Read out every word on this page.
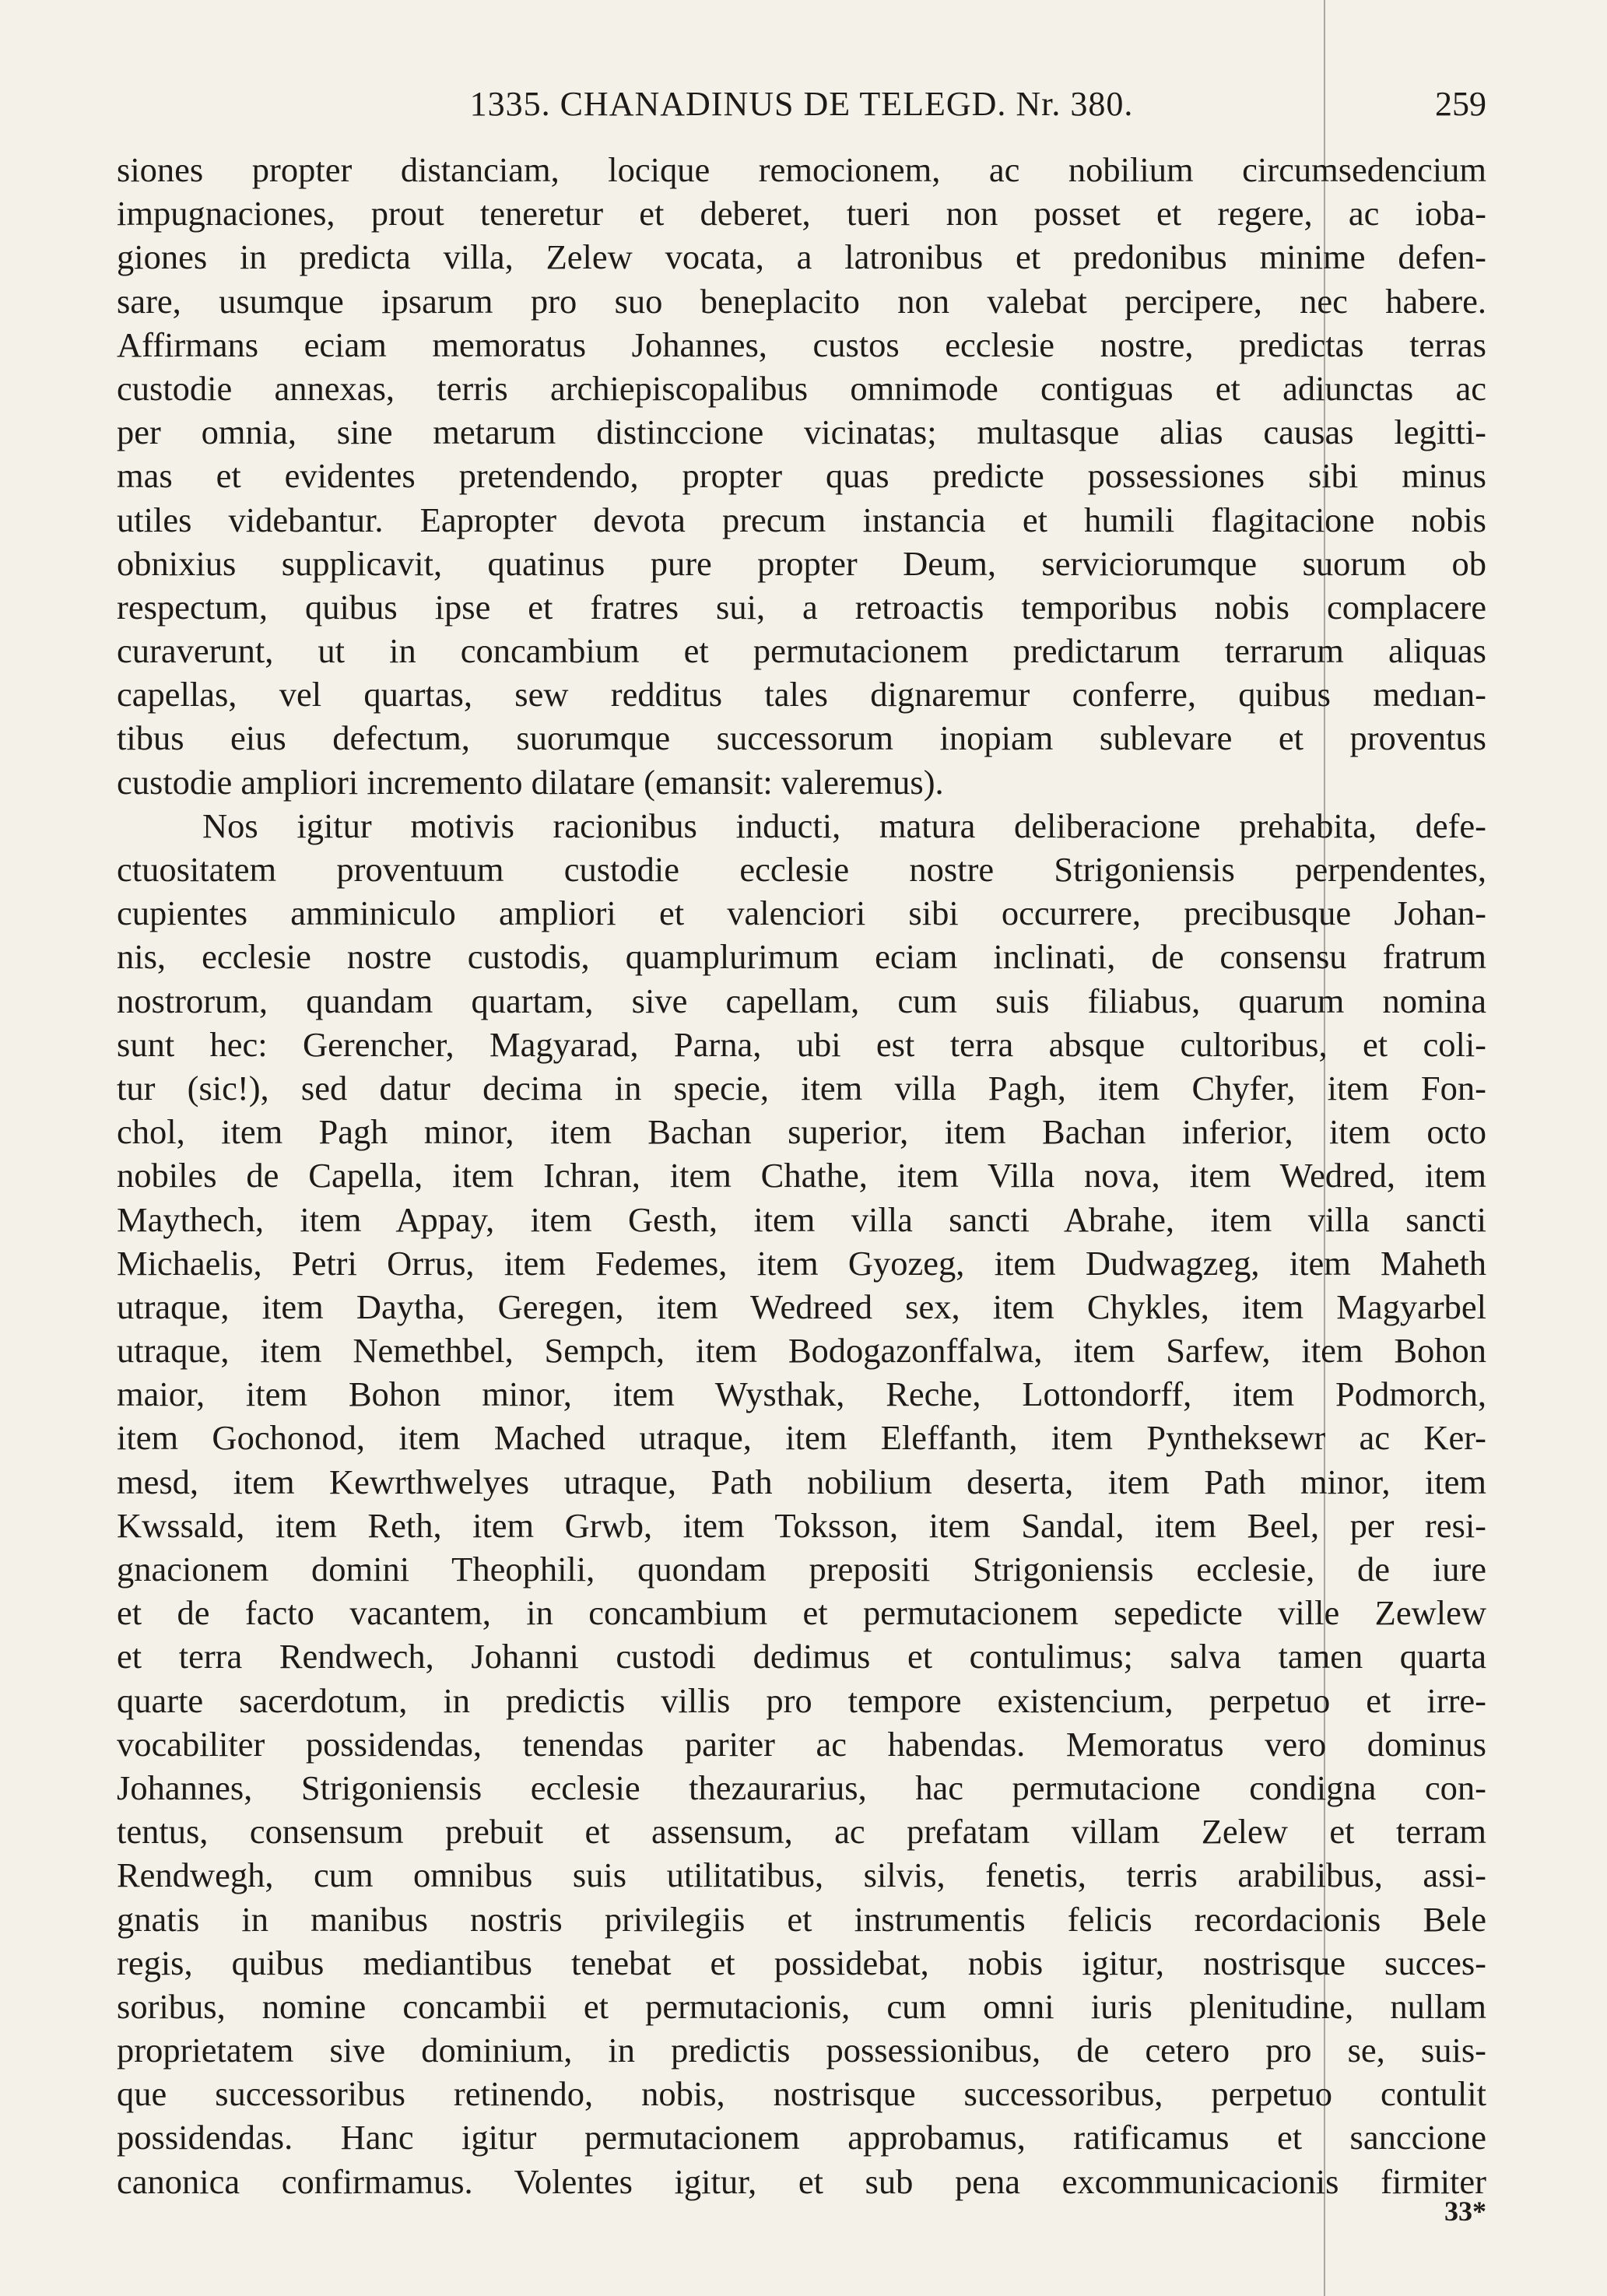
1335. CHANADINUS DE TELEGD. Nr. 380.	259
siones propter distanciam, locique remocionem, ac nobilium circumsedencium
impugnaciones, prout teneretur et deberet, tueri non posset et regere, ac ioba-
giones in predicta villa, Zelew vocata, a latronibus et predonibus minime defen-
sare, usumque ipsarum pro suo beneplacito non valebat percipere, nec habere.
Affirmans eciam memoratus Johannes, custos ecclesie nostre, predictas terras
custodie annexas, terris archiepiscopalibus omnimode contiguas et adiunctas ac
per omnia, sine metarum distinccione vicinatas; multasque alias causas legitti-
mas et evidentes pretendendo, propter quas predicte possessiones sibi minus
utiles videbantur. Eapropter devota precum instancia et humili flagitacione nobis
obnixius supplicavit, quatinus pure propter Deum, serviciorumque suorum ob
respectum, quibus ipse et fratres sui, a retroactis temporibus nobis complacere
curaverunt, ut in concambium et permutacionem predictarum terrarum aliquas
capellas, vel quartas, sew redditus tales dignaremur conferre, quibus medıan-
tibus eius defectum, suorumque successorum inopiam sublevare et proventus
custodie ampliori incremento dilatare (emansit: valeremus).
Nos igitur motivis racionibus inducti, matura deliberacione prehabita, defe-
ctuositatem proventuum custodie ecclesie nostre Strigoniensis perpendentes,
cupientes amminiculo ampliori et valenciori sibi occurrere, precibusque Johan-
nis, ecclesie nostre custodis, quamplurimum eciam inclinati, de consensu fratrum
nostrorum, quandam quartam, sive capellam, cum suis filiabus, quarum nomina
sunt hec: Gerencher, Magyarad, Parna, ubi est terra absque cultoribus, et coli-
tur (sic!), sed datur decima in specie, item villa Pagh, item Chyfer, item Fon-
chol, item Pagh minor, item Bachan superior, item Bachan inferior, item octo
nobiles de Capella, item Ichran, item Chathe, item Villa nova, item Wedred, item
Maythech, item Appay, item Gesth, item villa sancti Abrahe, item villa sancti
Michaelis, Petri Orrus, item Fedemes, item Gyozeg, item Dudwagzeg, item Maheth
utraque, item Daytha, Geregen, item Wedreed sex, item Chykles, item Magyarbel
utraque, item Nemethbel, Sempch, item Bodogazonffalwa, item Sarfew, item Bohon
maior, item Bohon minor, item Wysthak, Reche, Lottondorff, item Podmorch,
item Gochonod, item Mached utraque, item Eleffanth, item Pyntheksewr ac Ker-
mesd, item Kewrthwelyes utraque, Path nobilium deserta, item Path minor, item
Kwssald, item Reth, item Grwb, item Toksson, item Sandal, item Beel, per resi-
gnacionem domini Theophili, quondam prepositi Strigoniensis ecclesie, de iure
et de facto vacantem, in concambium et permutacionem sepedicte ville Zewlew
et terra Rendwech, Johanni custodi dedimus et contulimus; salva tamen quarta
quarte sacerdotum, in predictis villis pro tempore existencium, perpetuo et irre-
vocabiliter possidendas, tenendas pariter ac habendas. Memoratus vero dominus
Johannes, Strigoniensis ecclesie thezaurarius, hac permutacione condigna con-
tentus, consensum prebuit et assensum, ac prefatam villam Zelew et terram
Rendwegh, cum omnibus suis utilitatibus, silvis, fenetis, terris arabilibus, assi-
gnatis in manibus nostris privilegiis et instrumentis felicis recordacionis Bele
regis, quibus mediantibus tenebat et possidebat, nobis igitur, nostrisque succes-
soribus, nomine concambii et permutacionis, cum omni iuris plenitudine, nullam
proprietatem sive dominium, in predictis possessionibus, de cetero pro se, suis-
que successoribus retinendo, nobis, nostrisque successoribus, perpetuo contulit
possidendas. Hanc igitur permutacionem approbamus, ratificamus et sanccione
canonica confirmamus. Volentes igitur, et sub pena excommunicacionis firmiter
33*
